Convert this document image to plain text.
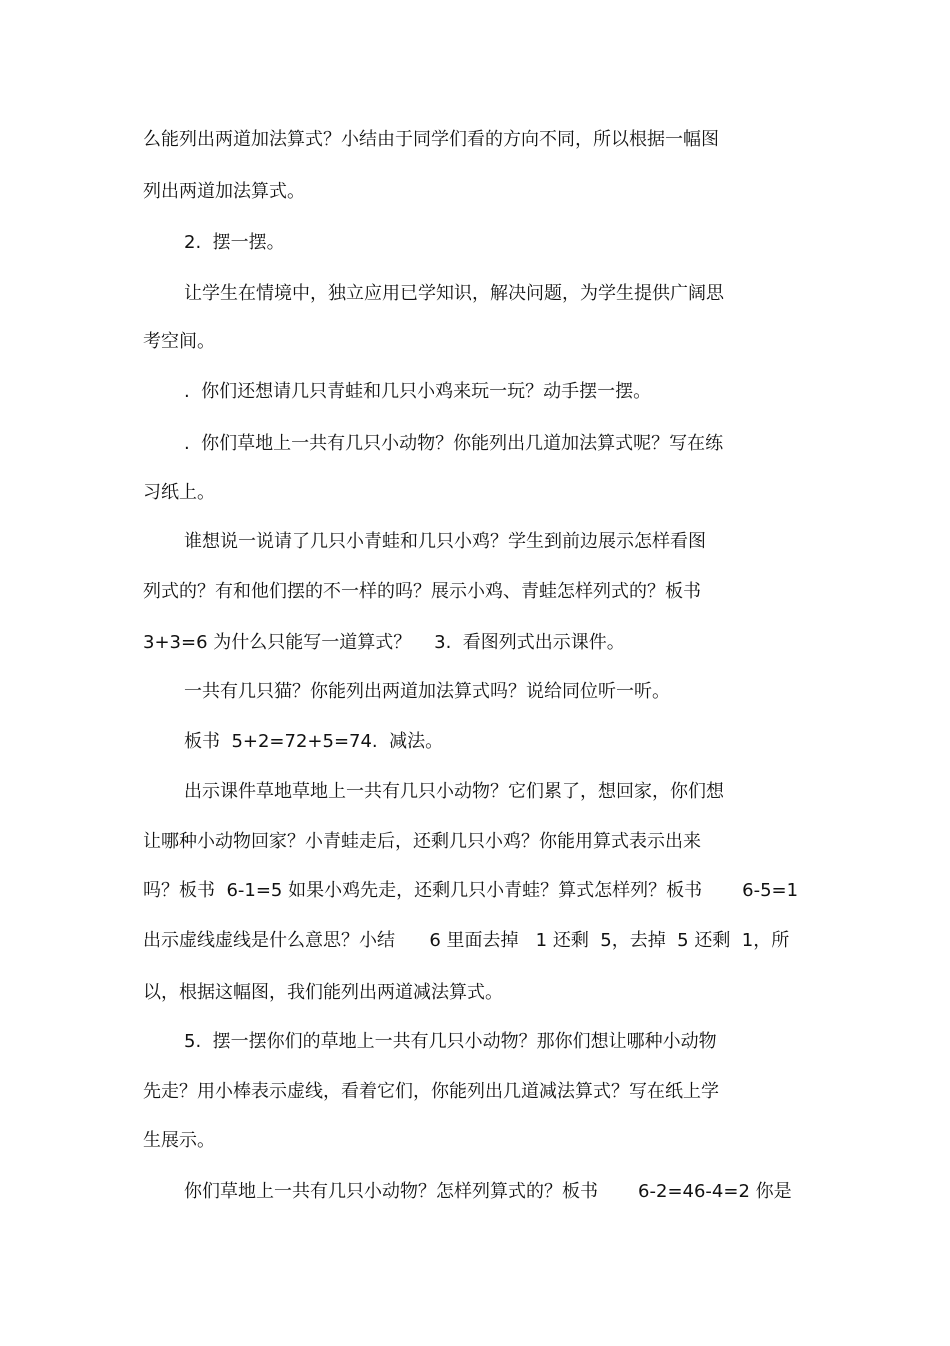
么能列出两道加法算式？小结由于同学们看的方向不同，所以根据一幅图

列出两道加法算式。

2.  摆一摆。

让学生在情境中，独立应用已学知识，解决问题，为学生提供广阔思

考空间。

.  你们还想请几只青蛙和几只小鸡来玩一玩？动手摆一摆。

.  你们草地上一共有几只小动物？你能列出几道加法算式呢？写在练

习纸上。

谁想说一说请了几只小青蛙和几只小鸡？学生到前边展示怎样看图

列式的？有和他们摆的不一样的吗？展示小鸡、青蛙怎样列式的？板书

3+3=6 为什么只能写一道算式？    3.  看图列式出示课件。

一共有几只猫？你能列出两道加法算式吗？说给同位听一听。

板书  5+2=72+5=74.  减法。

出示课件草地草地上一共有几只小动物？它们累了，想回家，你们想

让哪种小动物回家？小青蛙走后，还剩几只小鸡？你能用算式表示出来

吗？板书  6-1=5 如果小鸡先走，还剩几只小青蛙？算式怎样列？板书       6-5=1

出示虚线虚线是什么意思？小结      6 里面去掉   1 还剩  5，去掉  5 还剩  1，所

以，根据这幅图，我们能列出两道减法算式。

5.  摆一摆你们的草地上一共有几只小动物？那你们想让哪种小动物

先走？用小棒表示虚线，看着它们，你能列出几道减法算式？写在纸上学

生展示。

你们草地上一共有几只小动物？怎样列算式的？板书       6-2=46-4=2 你是
